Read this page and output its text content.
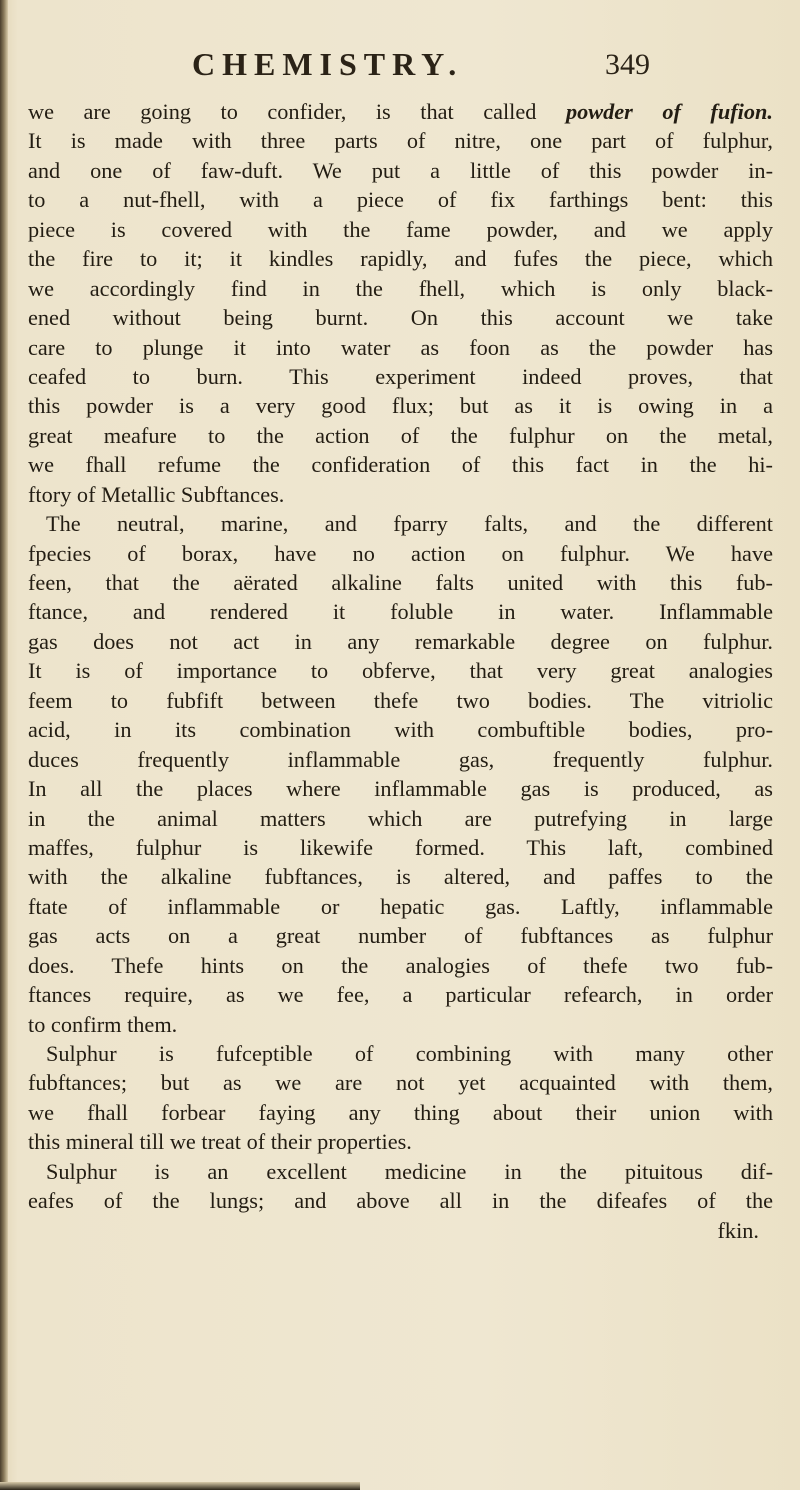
CHEMISTRY.	349
we are going to confider, is that called powder of fufion.
It is made with three parts of nitre, one part of fulphur,
and one of faw-duft. We put a little of this powder in-
to a nut-fhell, with a piece of fix farthings bent: this
piece is covered with the fame powder, and we apply
the fire to it; it kindles rapidly, and fufes the piece, which
we accordingly find in the fhell, which is only black-
ened without being burnt. On this account we take
care to plunge it into water as foon as the powder has
ceafed to burn. This experiment indeed proves, that
this powder is a very good flux; but as it is owing in a
great meafure to the action of the fulphur on the metal,
we fhall refume the confideration of this fact in the hi-
ftory of Metallic Subftances.
The neutral, marine, and fparry falts, and the different
fpecies of borax, have no action on fulphur. We have
feen, that the aërated alkaline falts united with this fub-
ftance, and rendered it foluble in water. Inflammable
gas does not act in any remarkable degree on fulphur.
It is of importance to obferve, that very great analogies
feem to fubfift between thefe two bodies. The vitriolic
acid, in its combination with combuftible bodies, pro-
duces frequently inflammable gas, frequently fulphur.
In all the places where inflammable gas is produced, as
in the animal matters which are putrefying in large
maffes, fulphur is likewife formed. This laft, combined
with the alkaline fubftances, is altered, and paffes to the
ftate of inflammable or hepatic gas. Laftly, inflammable
gas acts on a great number of fubftances as fulphur
does. Thefe hints on the analogies of thefe two fub-
ftances require, as we fee, a particular refearch, in order
to confirm them.
Sulphur is fufceptible of combining with many other
fubftances; but as we are not yet acquainted with them,
we fhall forbear faying any thing about their union with
this mineral till we treat of their properties.
Sulphur is an excellent medicine in the pituitous dif-
eafes of the lungs; and above all in the difeafes of the
fkin.
